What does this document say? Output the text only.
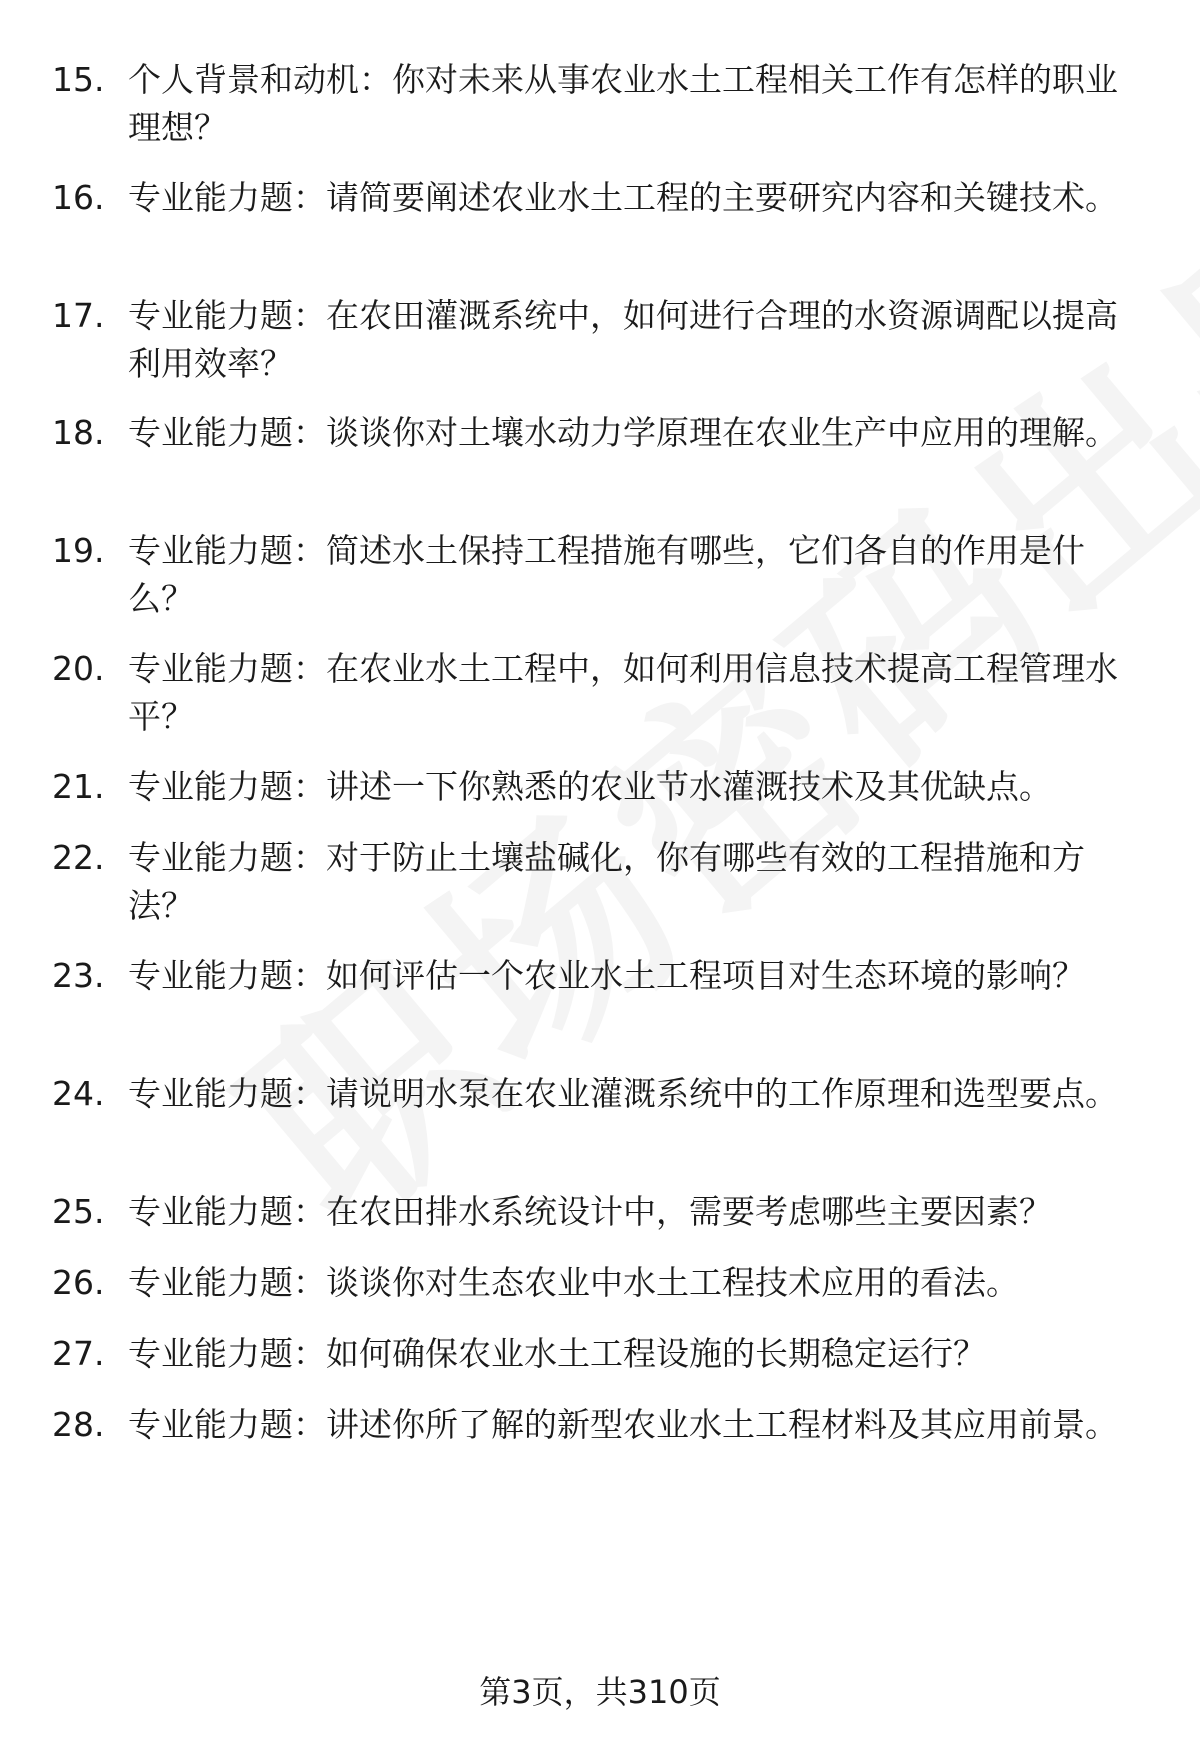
15. 个人背景和动机：你对未来从事农业水土工程相关工作有怎样的职业理想？
16. 专业能力题：请简要阐述农业水土工程的主要研究内容和关键技术。
17. 专业能力题：在农田灌溉系统中，如何进行合理的水资源调配以提高利用效率？
18. 专业能力题：谈谈你对土壤水动力学原理在农业生产中应用的理解。
19. 专业能力题：简述水土保持工程措施有哪些，它们各自的作用是什么？
20. 专业能力题：在农业水土工程中，如何利用信息技术提高工程管理水平？
21. 专业能力题：讲述一下你熟悉的农业节水灌溉技术及其优缺点。
22. 专业能力题：对于防止土壤盐碱化，你有哪些有效的工程措施和方法？
23. 专业能力题：如何评估一个农业水土工程项目对生态环境的影响？
24. 专业能力题：请说明水泵在农业灌溉系统中的工作原理和选型要点。
25. 专业能力题：在农田排水系统设计中，需要考虑哪些主要因素？
26. 专业能力题：谈谈你对生态农业中水土工程技术应用的看法。
27. 专业能力题：如何确保农业水土工程设施的长期稳定运行？
28. 专业能力题：讲述你所了解的新型农业水土工程材料及其应用前景。
第3页，共310页
